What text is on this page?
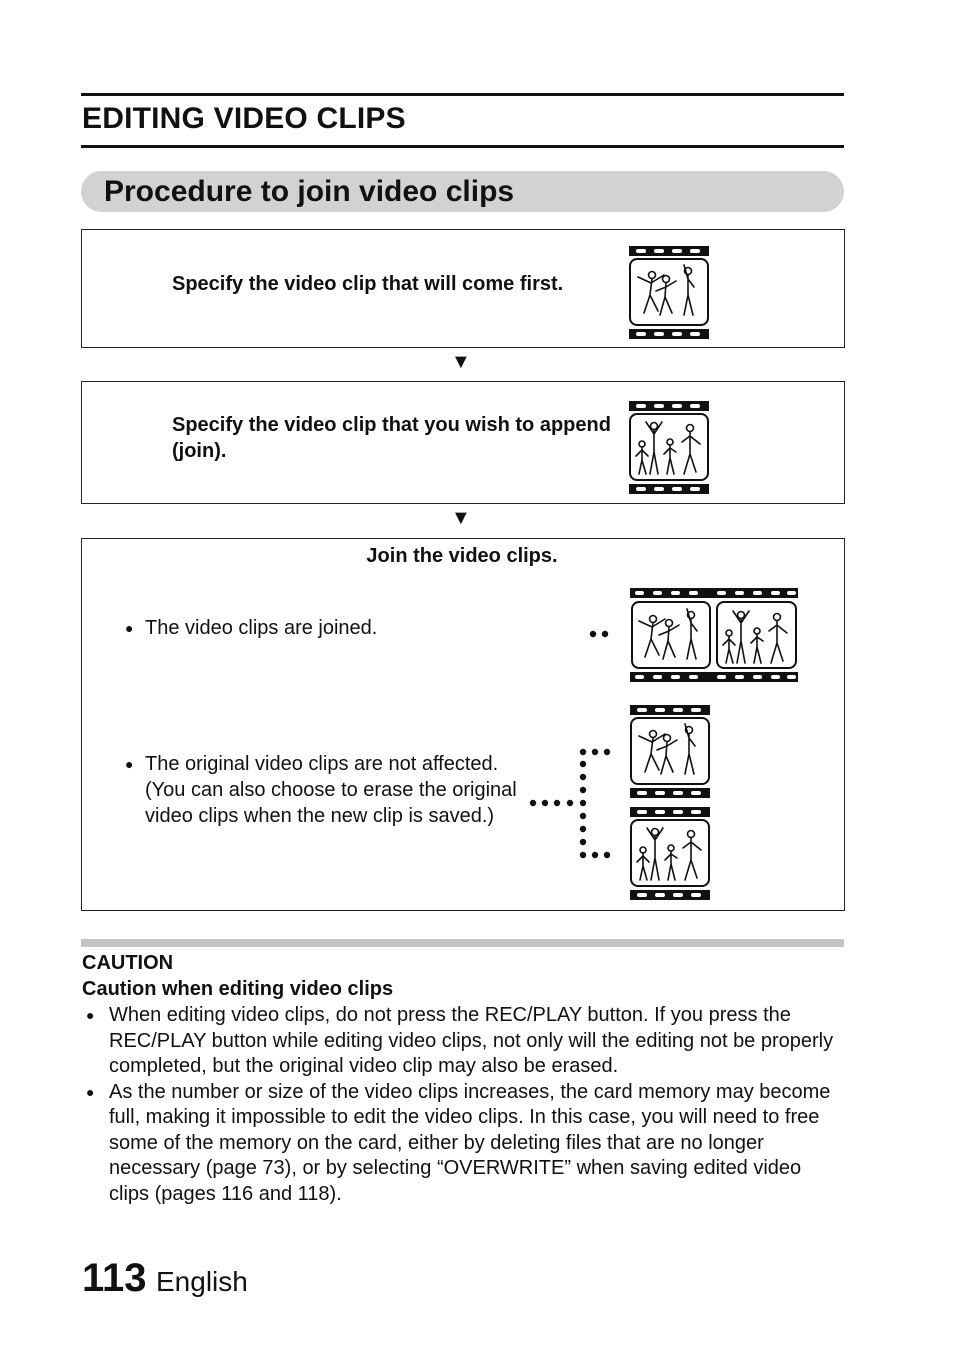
EDITING VIDEO CLIPS
Procedure to join video clips
Specify the video clip that will come first.
▼
Specify the video clip that you wish to append (join).
▼
Join the video clips.
● The video clips are joined.
● The original video clips are not affected. (You can also choose to erase the original video clips when the new clip is saved.)
CAUTION
Caution when editing video clips
● When editing video clips, do not press the REC/PLAY button. If you press the REC/PLAY button while editing video clips, not only will the editing not be properly completed, but the original video clip may also be erased.
● As the number or size of the video clips increases, the card memory may become full, making it impossible to edit the video clips. In this case, you will need to free some of the memory on the card, either by deleting files that are no longer necessary (page 73), or by selecting “OVERWRITE” when saving edited video clips (pages 116 and 118).
113 English
